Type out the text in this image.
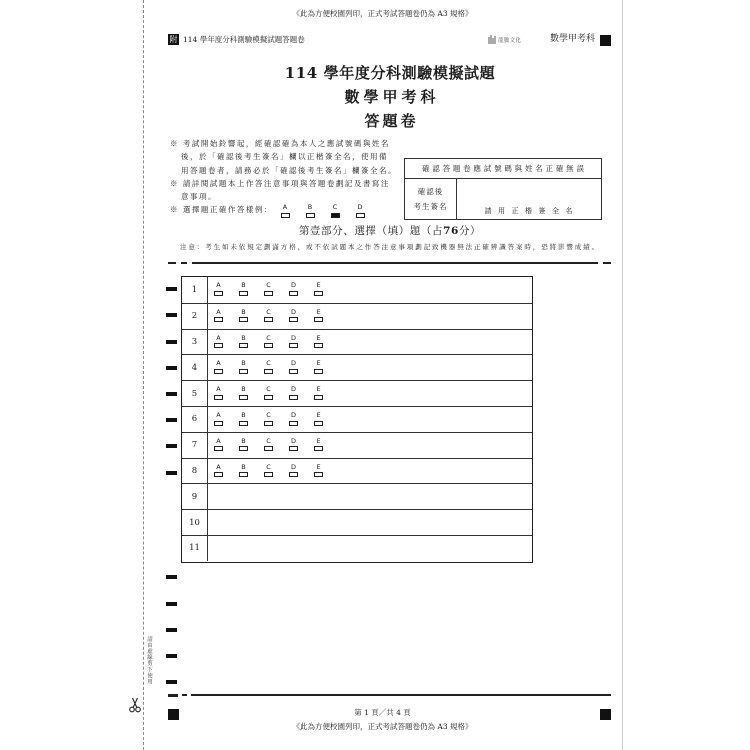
《此為方便校園列印，正式考試答題卷仍為 A3 規格》
附 114 學年度分科測驗模擬試題答題卷	龍騰文化	數學甲考科
114 學年度分科測驗模擬試題
數學甲考科
答題卷
※ 考試開始鈴響起，經確認確為本人之應試號碼與姓名
後，於「確認後考生簽名」欄以正楷簽全名，使用備
用答題卷者，請務必於「確認後考生簽名」欄簽全名。
※ 請詳閱試題本上作答注意事項與答題卷劃記及書寫注
意事項。
※ 選擇題正確作答樣例：	A	B	C	D
確認答題卷應試號碼與姓名正確無誤
確認後
考生簽名	請用正楷簽全名
第壹部分、選擇（填）題（占76分）
注意：考生如未依規定劃滿方格，或不依試題本之作答注意事項劃記致機器無法正確辨識答案時，恐將影響成績。
1	A	B	C	D	E
2	A	B	C	D	E
3	A	B	C	D	E
4	A	B	C	D	E
5	A	B	C	D	E
6	A	B	C	D	E
7	A	B	C	D	E
8	A	B	C	D	E
9
10
11
第 1 頁／共 4 頁
《此為方便校園列印，正式考試答題卷仍為 A3 規格》
請由虛線剪下使用
